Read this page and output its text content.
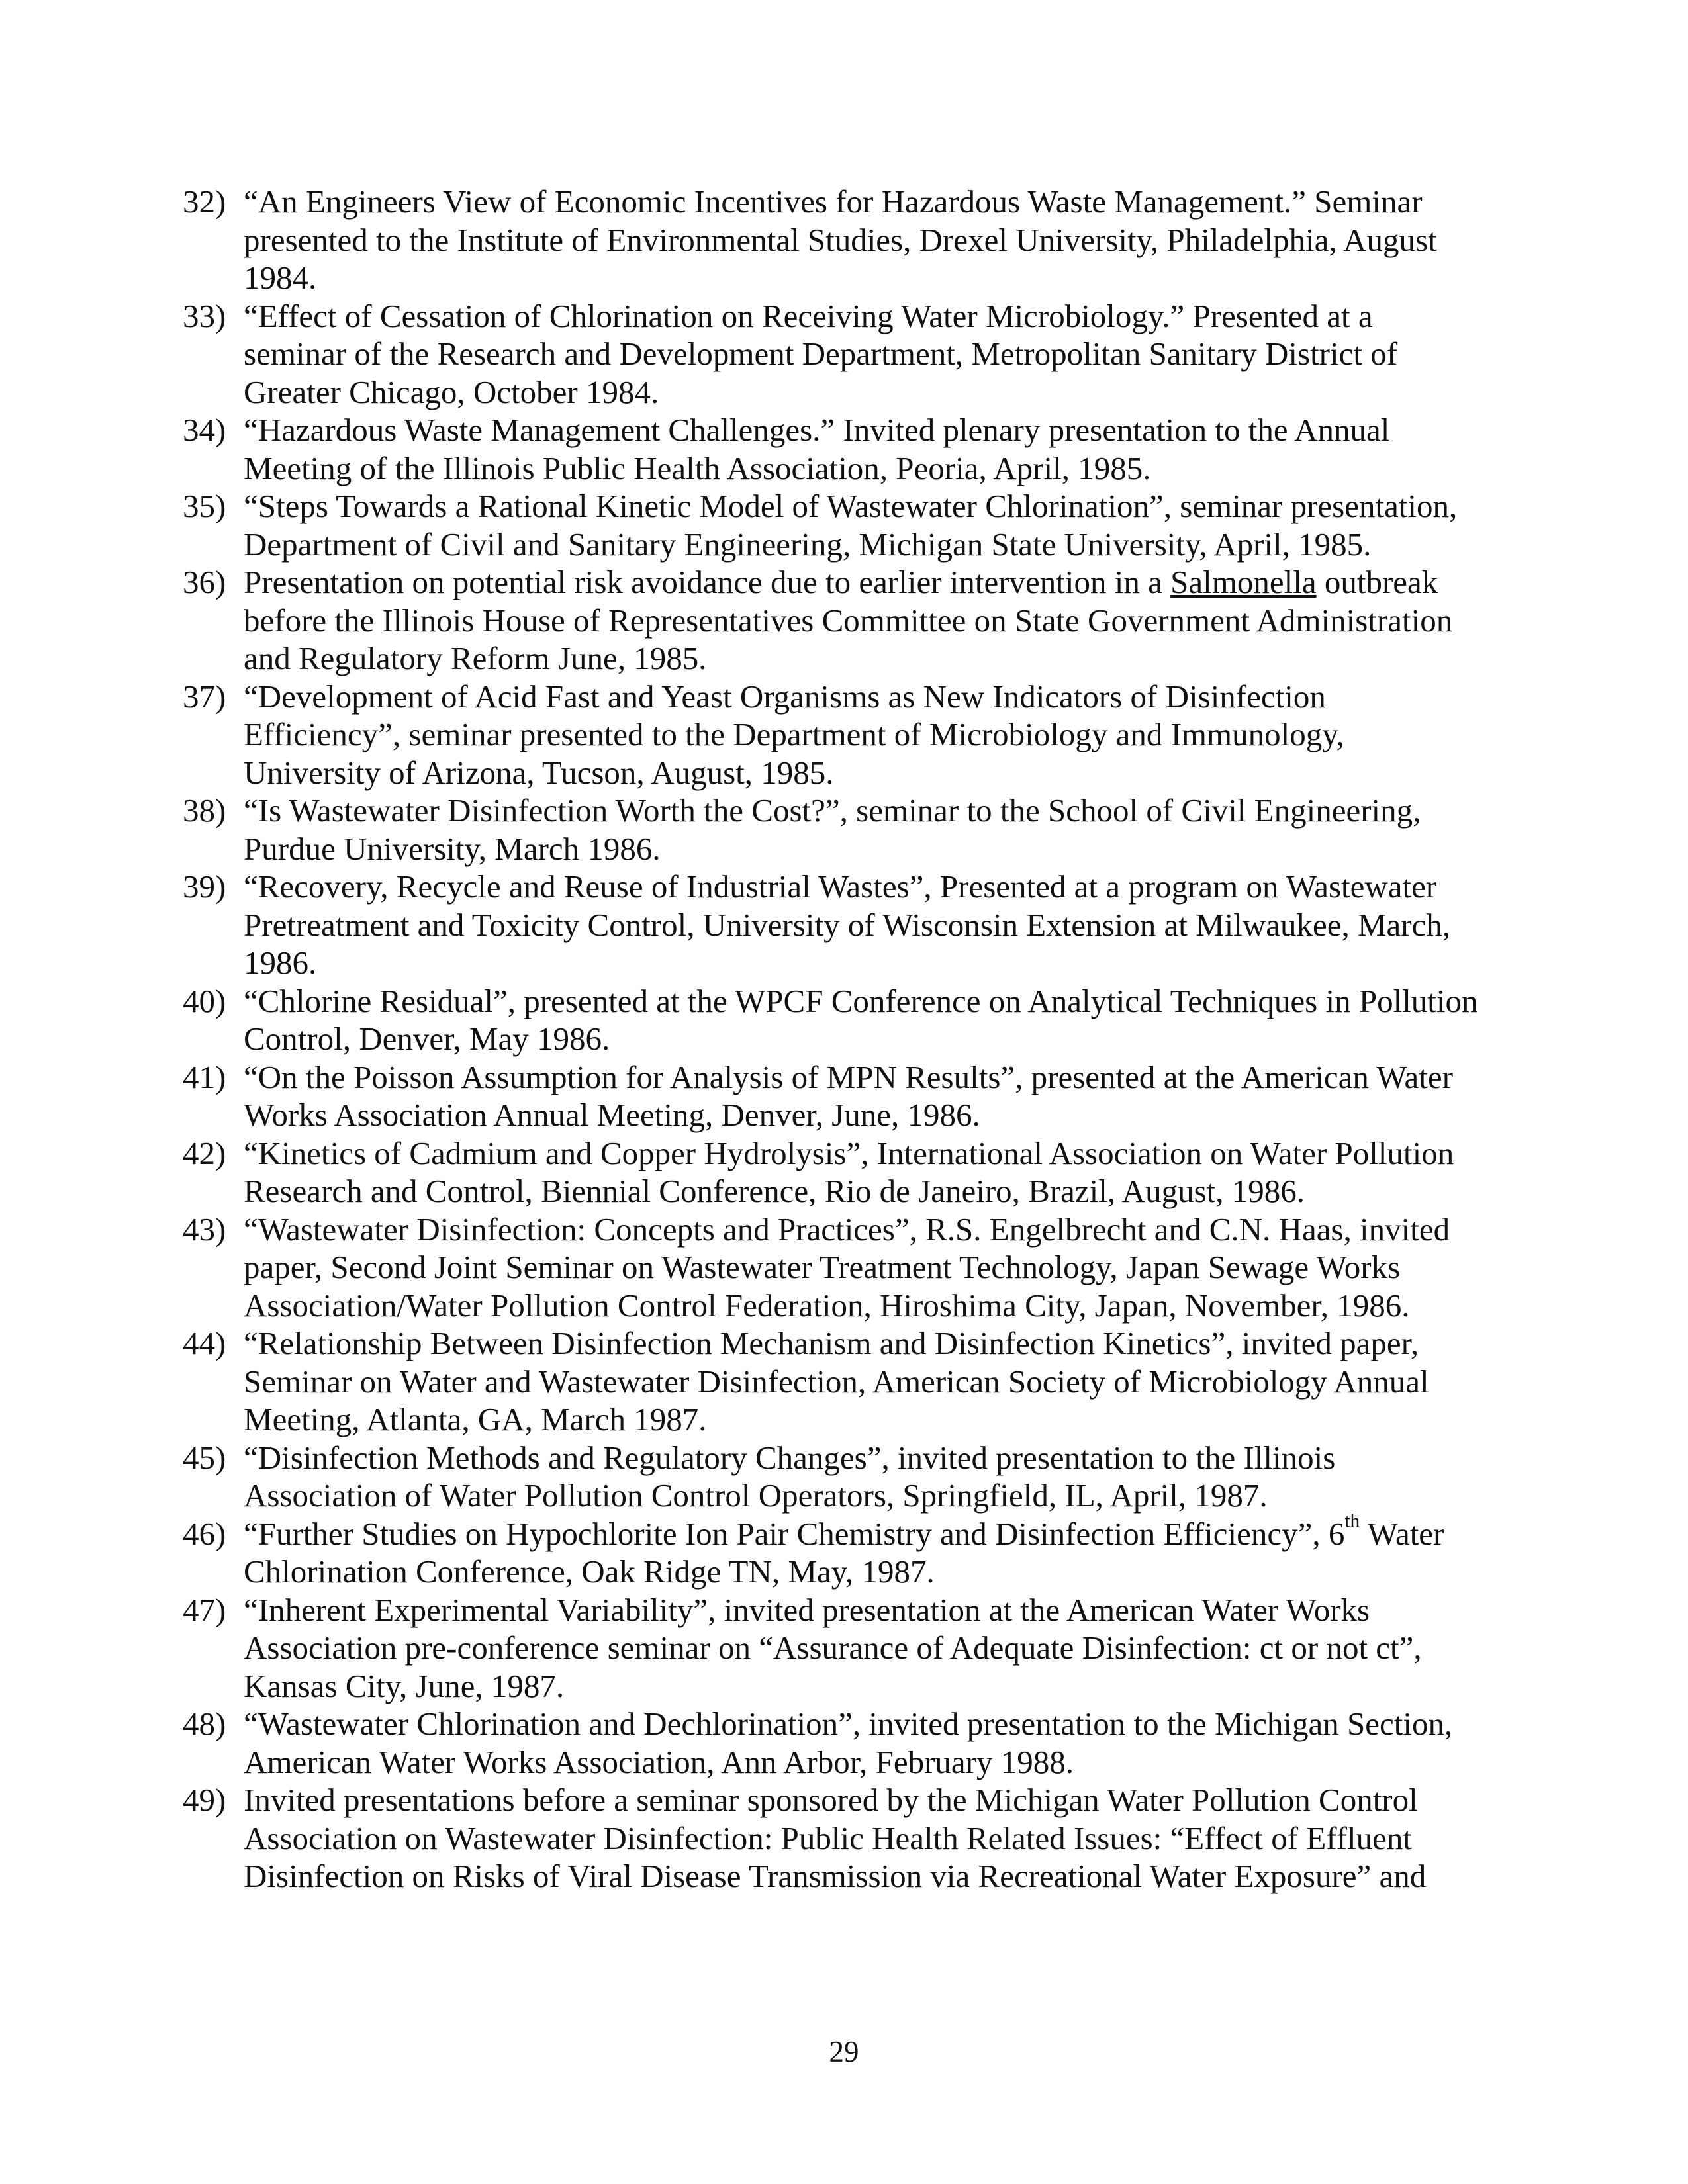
32) “An Engineers View of Economic Incentives for Hazardous Waste Management.” Seminar presented to the Institute of Environmental Studies, Drexel University, Philadelphia, August 1984.
33) “Effect of Cessation of Chlorination on Receiving Water Microbiology.” Presented at a seminar of the Research and Development Department, Metropolitan Sanitary District of Greater Chicago, October 1984.
34) “Hazardous Waste Management Challenges.” Invited plenary presentation to the Annual Meeting of the Illinois Public Health Association, Peoria, April, 1985.
35) “Steps Towards a Rational Kinetic Model of Wastewater Chlorination”, seminar presentation, Department of Civil and Sanitary Engineering, Michigan State University, April, 1985.
36) Presentation on potential risk avoidance due to earlier intervention in a Salmonella outbreak before the Illinois House of Representatives Committee on State Government Administration and Regulatory Reform June, 1985.
37) “Development of Acid Fast and Yeast Organisms as New Indicators of Disinfection Efficiency”, seminar presented to the Department of Microbiology and Immunology, University of Arizona, Tucson, August, 1985.
38) “Is Wastewater Disinfection Worth the Cost?”, seminar to the School of Civil Engineering, Purdue University, March 1986.
39) “Recovery, Recycle and Reuse of Industrial Wastes”, Presented at a program on Wastewater Pretreatment and Toxicity Control, University of Wisconsin Extension at Milwaukee, March, 1986.
40) “Chlorine Residual”, presented at the WPCF Conference on Analytical Techniques in Pollution Control, Denver, May 1986.
41) “On the Poisson Assumption for Analysis of MPN Results”, presented at the American Water Works Association Annual Meeting, Denver, June, 1986.
42) “Kinetics of Cadmium and Copper Hydrolysis”, International Association on Water Pollution Research and Control, Biennial Conference, Rio de Janeiro, Brazil, August, 1986.
43) “Wastewater Disinfection: Concepts and Practices”, R.S. Engelbrecht and C.N. Haas, invited paper, Second Joint Seminar on Wastewater Treatment Technology, Japan Sewage Works Association/Water Pollution Control Federation, Hiroshima City, Japan, November, 1986.
44) “Relationship Between Disinfection Mechanism and Disinfection Kinetics”, invited paper, Seminar on Water and Wastewater Disinfection, American Society of Microbiology Annual Meeting, Atlanta, GA, March 1987.
45) “Disinfection Methods and Regulatory Changes”, invited presentation to the Illinois Association of Water Pollution Control Operators, Springfield, IL, April, 1987.
46) “Further Studies on Hypochlorite Ion Pair Chemistry and Disinfection Efficiency”, 6th Water Chlorination Conference, Oak Ridge TN, May, 1987.
47) “Inherent Experimental Variability”, invited presentation at the American Water Works Association pre-conference seminar on “Assurance of Adequate Disinfection: ct or not ct”, Kansas City, June, 1987.
48) “Wastewater Chlorination and Dechlorination”, invited presentation to the Michigan Section, American Water Works Association, Ann Arbor, February 1988.
49) Invited presentations before a seminar sponsored by the Michigan Water Pollution Control Association on Wastewater Disinfection: Public Health Related Issues: “Effect of Effluent Disinfection on Risks of Viral Disease Transmission via Recreational Water Exposure” and
29
